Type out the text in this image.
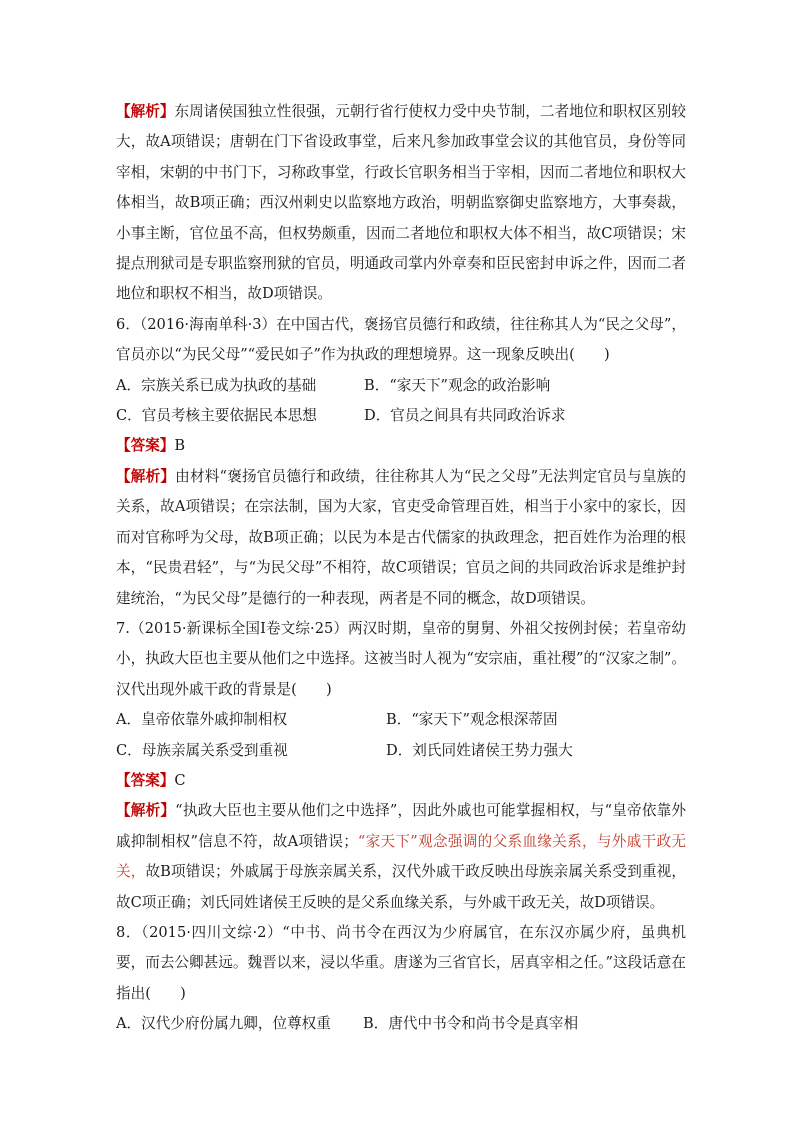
【解析】东周诸侯国独立性很强，元朝行省行使权力受中央节制，二者地位和职权区别较大，故A项错误；唐朝在门下省设政事堂，后来凡参加政事堂会议的其他官员，身份等同宰相，宋朝的中书门下，习称政事堂，行政长官职务相当于宰相，因而二者地位和职权大体相当，故B项正确；西汉州刺史以监察地方政治，明朝监察御史监察地方，大事奏裁，小事主断，官位虽不高，但权势颇重，因而二者地位和职权大体不相当，故C项错误；宋提点刑狱司是专职监察刑狱的官员，明通政司掌内外章奏和臣民密封申诉之件，因而二者地位和职权不相当，故D项错误。

6．（2016·海南单科·3）在中国古代，褒扬官员德行和政绩，往往称其人为“民之父母”，官员亦以“为民父母”“爱民如子”作为执政的理想境界。这一现象反映出(　　)

A．宗族关系已成为执政的基础	B．“家天下”观念的政治影响
C．官员考核主要依据民本思想	D．官员之间具有共同政治诉求

【答案】B

【解析】由材料“褒扬官员德行和政绩，往往称其人为“民之父母”无法判定官员与皇族的关系，故A项错误；在宗法制，国为大家，官吏受命管理百姓，相当于小家中的家长，因而对官称呼为父母，故B项正确；以民为本是古代儒家的执政理念，把百姓作为治理的根本，“民贵君轻”，与“为民父母”不相符，故C项错误；官员之间的共同政治诉求是维护封建统治，“为民父母”是德行的一种表现，两者是不同的概念，故D项错误。

7.（2015·新课标全国Ⅰ卷文综·25）两汉时期，皇帝的舅舅、外祖父按例封侯；若皇帝幼小，执政大臣也主要从他们之中选择。这被当时人视为“安宗庙，重社稷”的“汉家之制”。汉代出现外戚干政的背景是(　　)

A．皇帝依靠外戚抑制相权	B．“家天下”观念根深蒂固
C．母族亲属关系受到重视	D．刘氏同姓诸侯王势力强大

【答案】C

【解析】“执政大臣也主要从他们之中选择”，因此外戚也可能掌握相权，与“皇帝依靠外戚抑制相权”信息不符，故A项错误；“家天下”观念强调的父系血缘关系，与外戚干政无关，故B项错误；外戚属于母族亲属关系，汉代外戚干政反映出母族亲属关系受到重视，故C项正确；刘氏同姓诸侯王反映的是父系血缘关系，与外戚干政无关，故D项错误。

8．（2015·四川文综·2）“中书、尚书令在西汉为少府属官，在东汉亦属少府，虽典机要，而去公卿甚远。魏晋以来，浸以华重。唐遂为三省官长，居真宰相之任。”这段话意在指出(　　)

A．汉代少府份属九卿，位尊权重	B．唐代中书令和尚书令是真宰相
